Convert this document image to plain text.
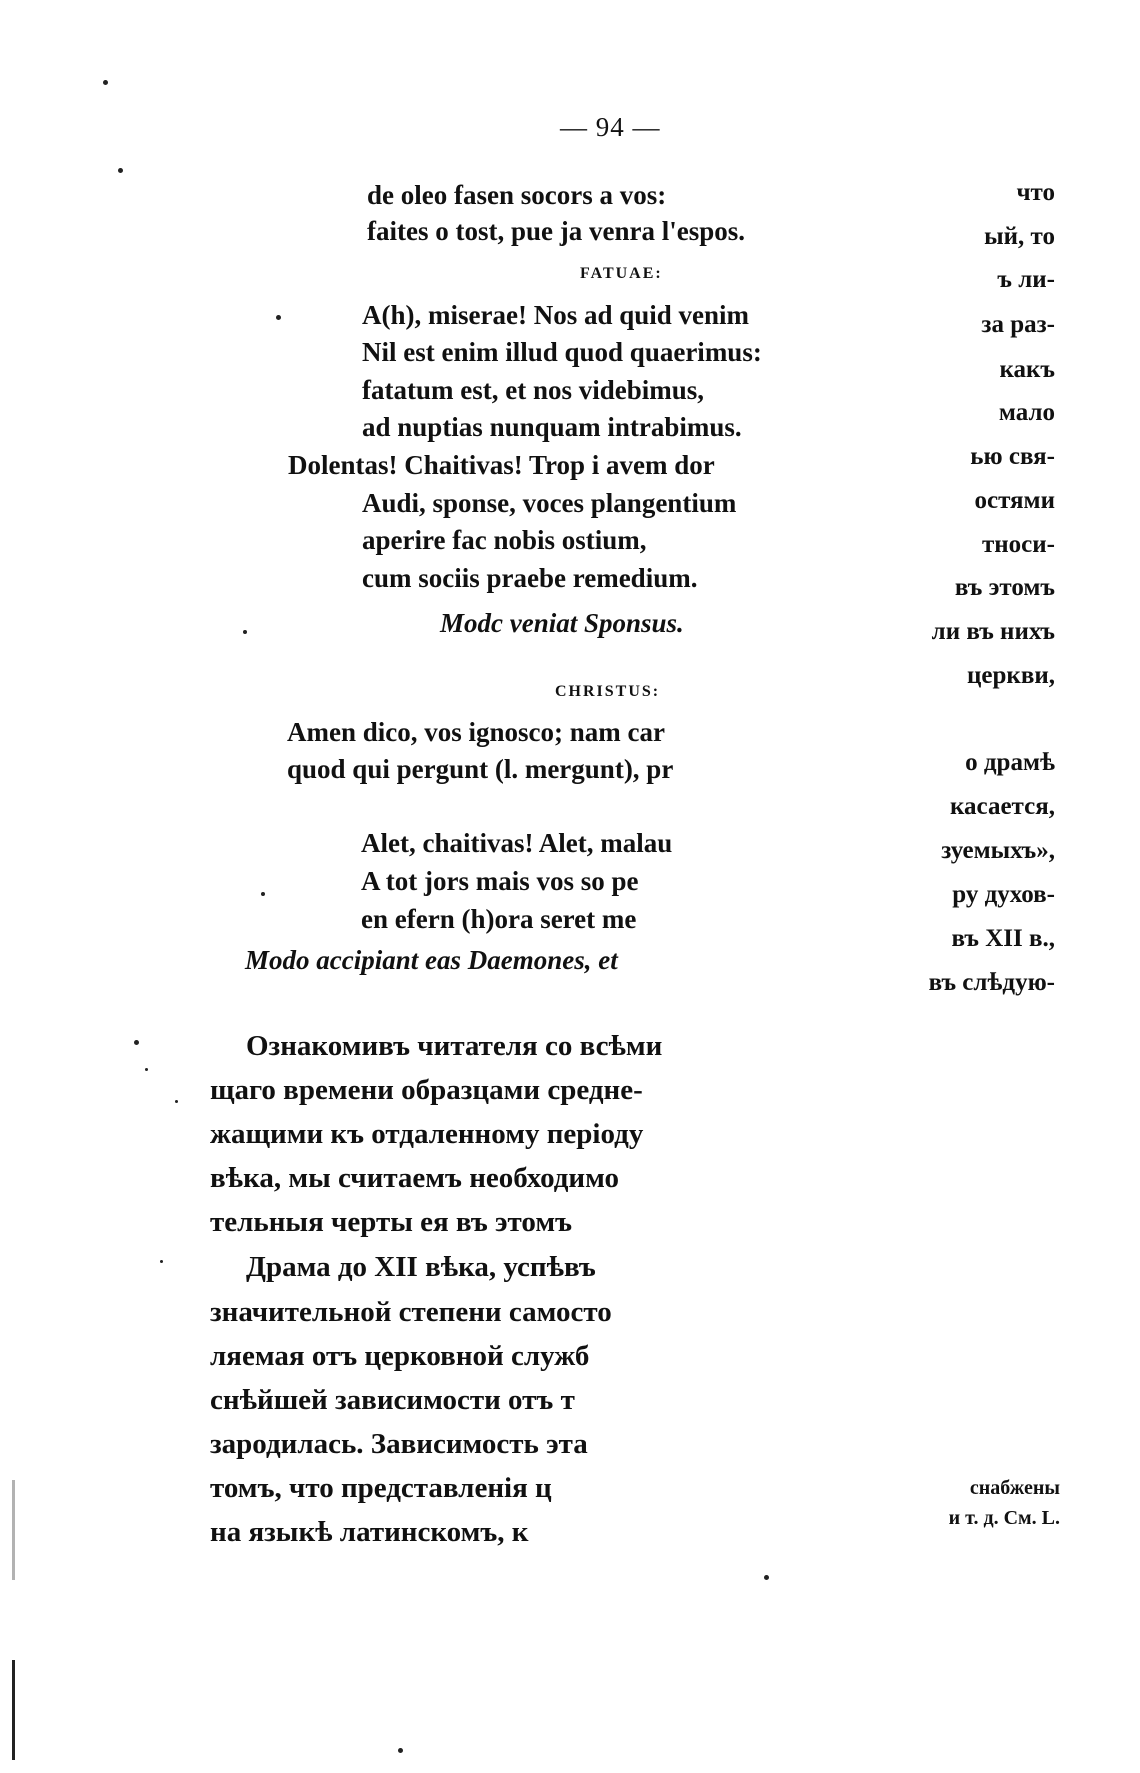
— 94 —
de oleo fasen socors a vos:
faites o tost, pue ja venra l'espos.
FATUAE:
A(h), miserae! Nos ad quid venim
Nil est enim illud quod quaerimus:
fatatum est, et nos videbimus,
ad nuptias nunquam intrabimus.
Dolentas! Chaitivas! Trop i avem dor
Audi, sponse, voces plangentium
aperire fac nobis ostium,
cum sociis praebe remedium.
Modc veniat Sponsus.
CHRISTUS:
Amen dico, vos ignosco; nam car
quod qui pergunt (l. mergunt), pr
Alet, chaitivas! Alet, malau
A tot jors mais vos so pe
en efern (h)ora seret me
Modo accipiant eas Daemones, et
Ознакомивъ читателя со всѣми
щаго времени образцами средне-
жащими къ отдаленному періоду
вѣка, мы считаемъ необходимо
тельныя черты ея въ этомъ
Драма до XII вѣка, успѣвъ
значительной степени самосто
ляемая отъ церковной служб
снѣйшей зависимости отъ т
зародилась. Зависимость эта
томъ, что представленія ц
на языкѣ латинскомъ, к
что
ый, то
ъ ли-
за раз-
какъ
мало
ью свя-
остями
тноси-
въ этомъ
ли въ нихъ
церкви,
о драмѣ
касается,
зуемыхъ»,
ру духов-
въ XII в.,
въ слѣдую-
снабжены
и т. д. См. L.
